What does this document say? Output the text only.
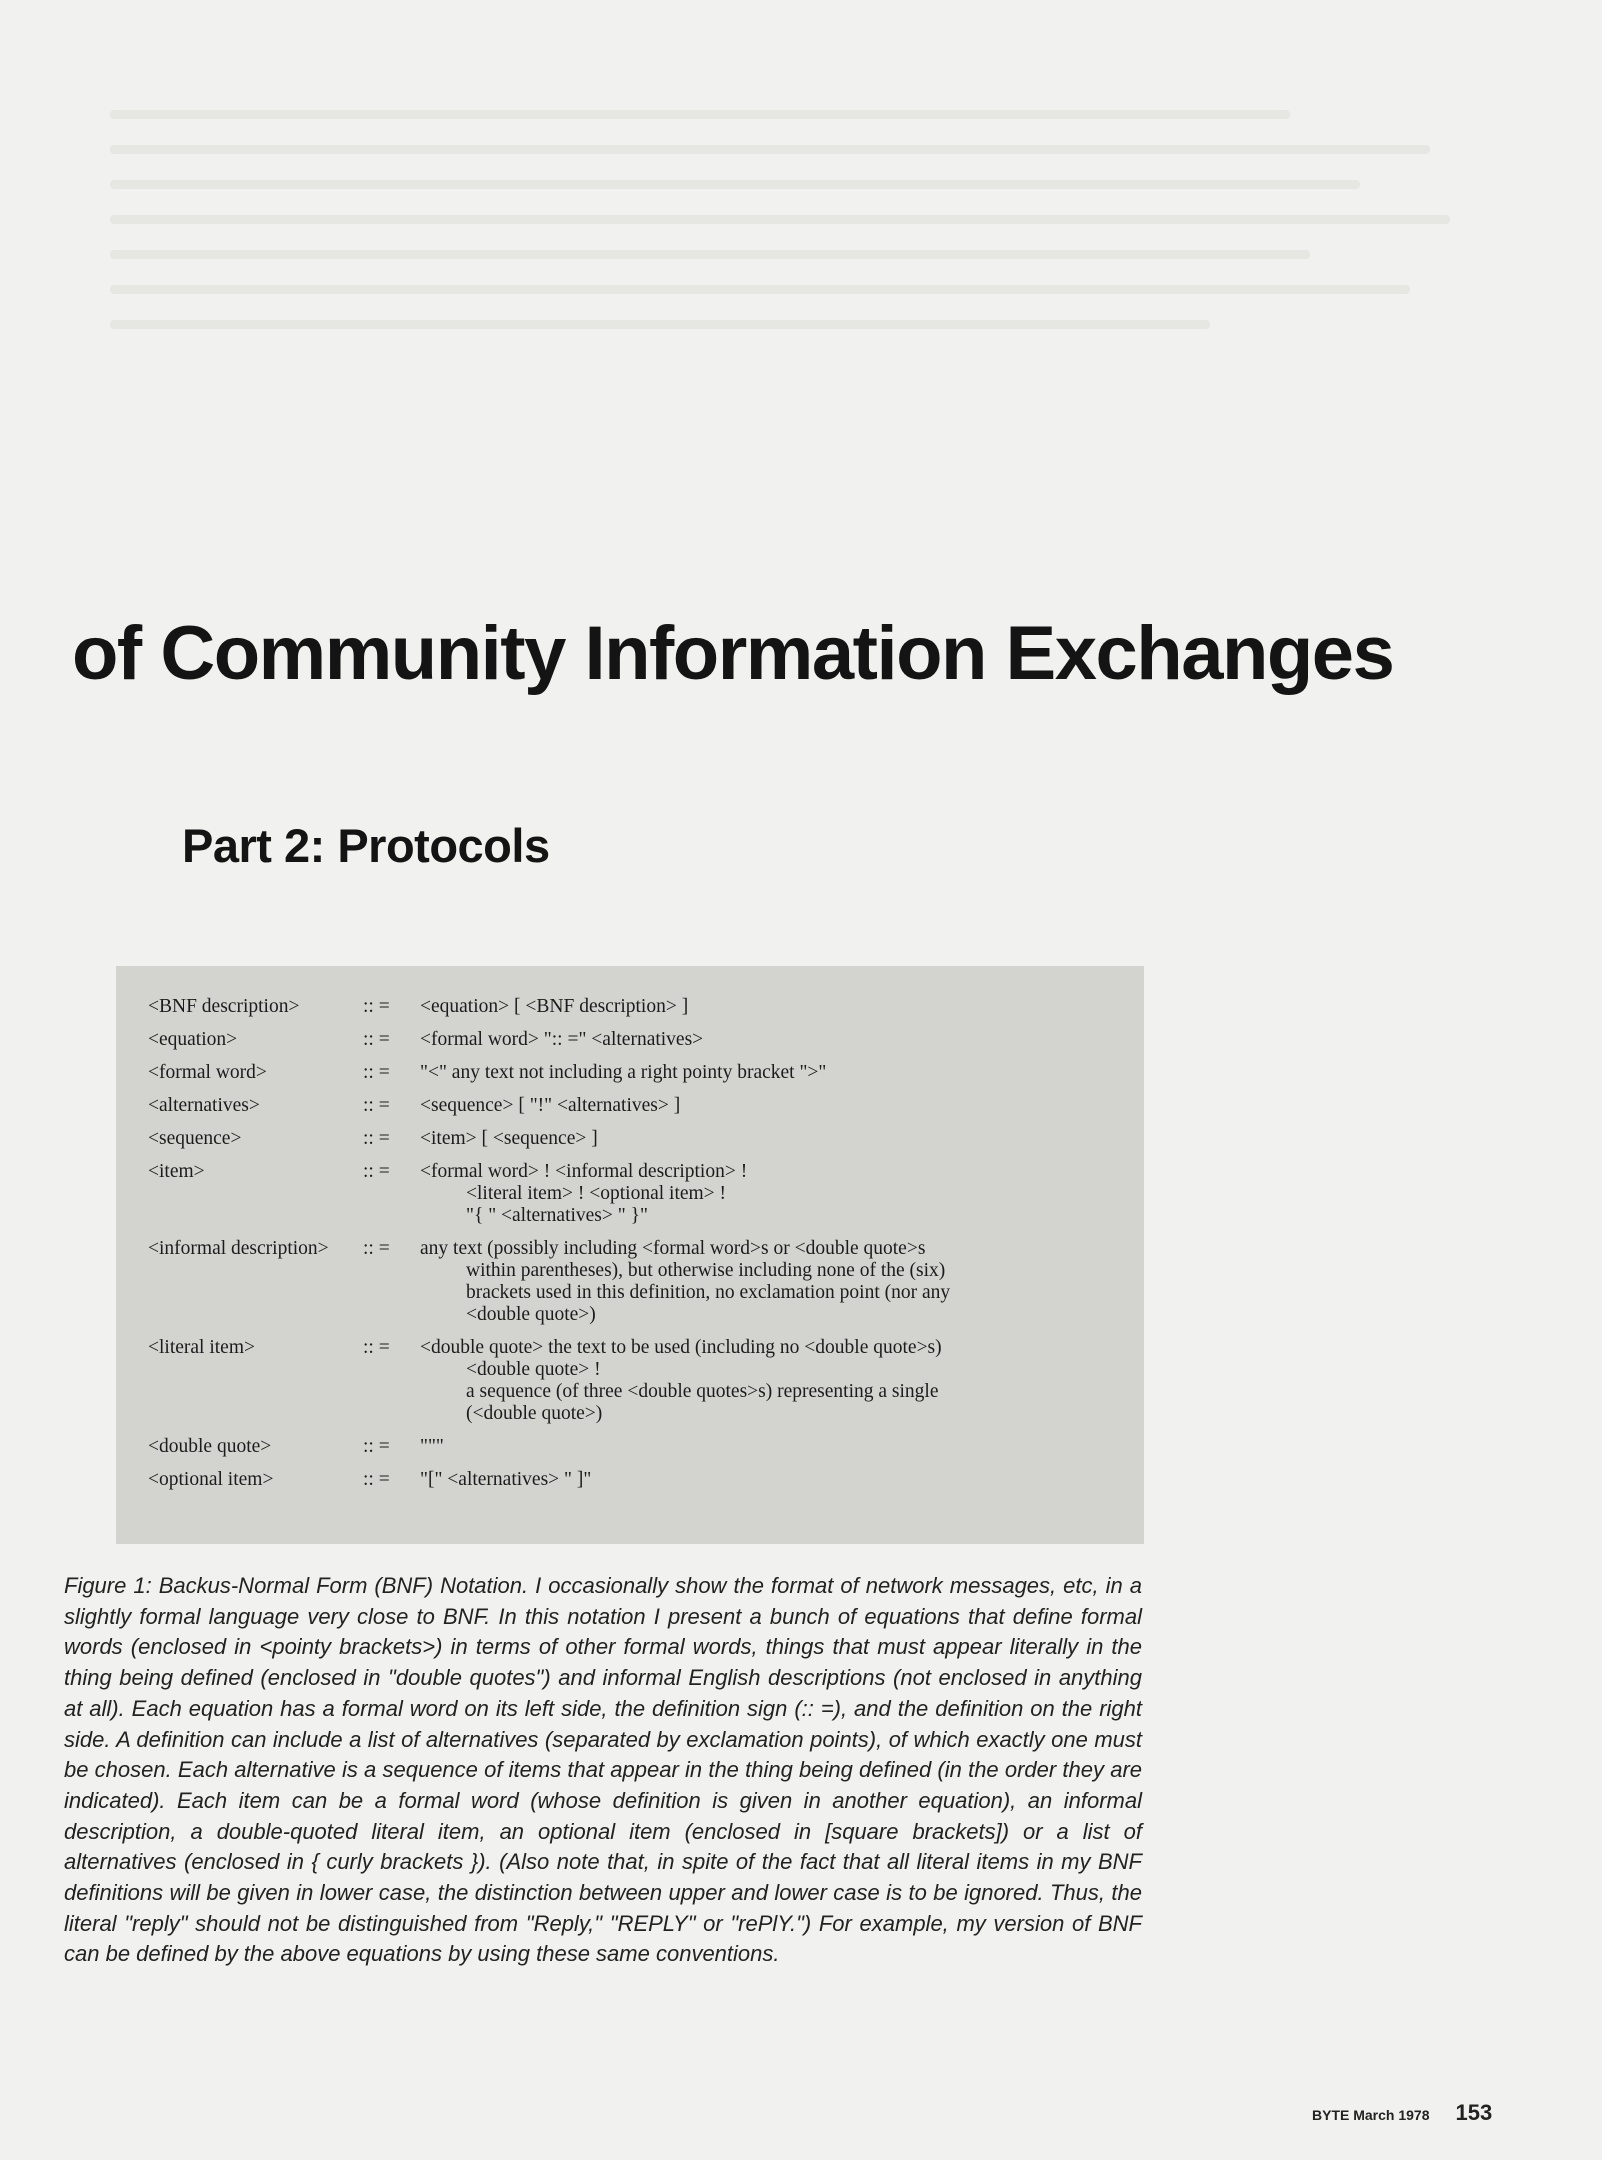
of Community Information Exchanges
Part 2: Protocols
<BNF description>	:: =	<equation> [ <BNF description> ]
<equation>	:: =	<formal word> ":: =" <alternatives>
<formal word>	:: =	"<" any text not including a right pointy bracket ">"
<alternatives>	:: =	<sequence> [ "!" <alternatives> ]
<sequence>	:: =	<item> [ <sequence> ]
<item>	:: =	<formal word> ! <informal description> !
<literal item> ! <optional item> !
"{ " <alternatives> " }"
<informal description>	:: =	any text (possibly including <formal word>s or <double quote>s
within parentheses), but otherwise including none of the (six)
brackets used in this definition, no exclamation point (nor any
<double quote>)
<literal item>	:: =	<double quote> the text to be used (including no <double quote>s)
<double quote> !
a sequence (of three <double quotes>s) representing a single
(<double quote>)
<double quote>	:: =	"""
<optional item>	:: =	"[" <alternatives> " ]"

Figure 1: Backus-Normal Form (BNF) Notation. I occasionally show the format of network messages, etc, in a slightly formal language very close to BNF. In this notation I present a bunch of equations that define formal words (enclosed in <pointy brackets>) in terms of other formal words, things that must appear literally in the thing being defined (enclosed in "double quotes") and informal English descriptions (not enclosed in anything at all). Each equation has a formal word on its left side, the definition sign (:: =), and the definition on the right side. A definition can include a list of alternatives (separated by exclamation points), of which exactly one must be chosen. Each alternative is a sequence of items that appear in the thing being defined (in the order they are indicated). Each item can be a formal word (whose definition is given in another equation), an informal description, a double-quoted literal item, an optional item (enclosed in [square brackets]) or a list of alternatives (enclosed in { curly brackets }). (Also note that, in spite of the fact that all literal items in my BNF definitions will be given in lower case, the distinction between upper and lower case is to be ignored. Thus, the literal "reply" should not be distinguished from "Reply," "REPLY" or "rePlY.") For example, my version of BNF can be defined by the above equations by using these same conventions.

BYTE March 1978 153
